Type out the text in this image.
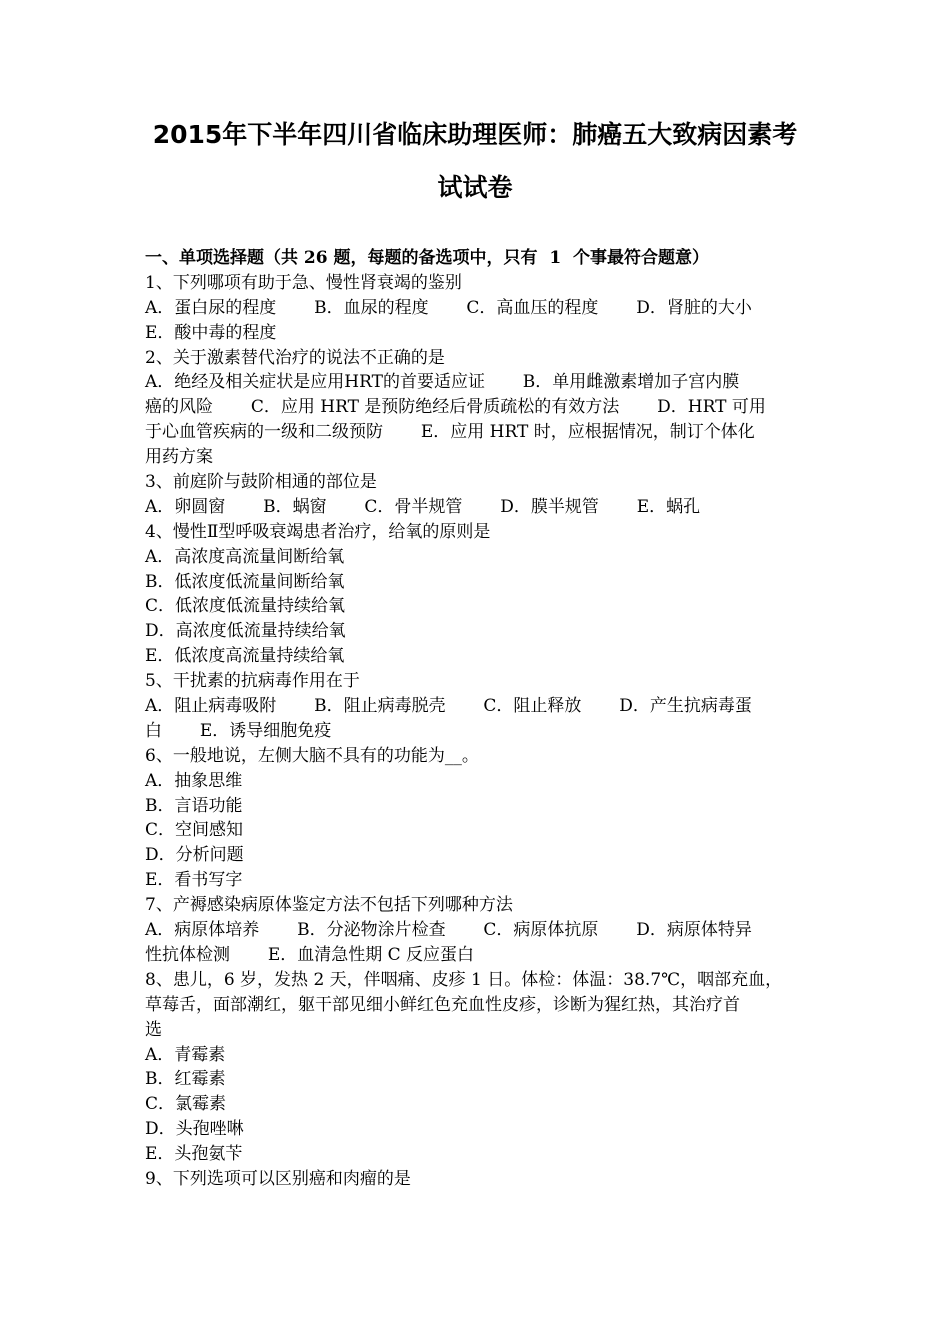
2015年下半年四川省临床助理医师：肺癌五大致病因素考
试试卷
一、单项选择题（共 26 题，每题的备选项中，只有  1  个事最符合题意）
1、下列哪项有助于急、慢性肾衰竭的鉴别
A．蛋白尿的程度       B．血尿的程度       C．高血压的程度       D．肾脏的大小
E．酸中毒的程度
2、关于激素替代治疗的说法不正确的是
A．绝经及相关症状是应用HRT的首要适应证       B．单用雌激素增加子宫内膜
癌的风险       C．应用 HRT 是预防绝经后骨质疏松的有效方法       D．HRT 可用
于心血管疾病的一级和二级预防       E．应用 HRT 时，应根据情况，制订个体化
用药方案
3、前庭阶与鼓阶相通的部位是
A．卵圆窗       B．蜗窗       C．骨半规管       D．膜半规管       E．蜗孔
4、慢性Ⅱ型呼吸衰竭患者治疗，给氧的原则是
A．高浓度高流量间断给氧
B．低浓度低流量间断给氧
C．低浓度低流量持续给氧
D．高浓度低流量持续给氧
E．低浓度高流量持续给氧
5、干扰素的抗病毒作用在于
A．阻止病毒吸附       B．阻止病毒脱壳       C．阻止释放       D．产生抗病毒蛋
白       E．诱导细胞免疫
6、一般地说，左侧大脑不具有的功能为__。
A．抽象思维
B．言语功能
C．空间感知
D．分析问题
E．看书写字
7、产褥感染病原体鉴定方法不包括下列哪种方法
A．病原体培养       B．分泌物涂片检查       C．病原体抗原       D．病原体特异
性抗体检测       E．血清急性期 C 反应蛋白
8、患儿，6 岁，发热 2 天，伴咽痛、皮疹 1 日。体检：体温：38.7℃，咽部充血，
草莓舌，面部潮红，躯干部见细小鲜红色充血性皮疹，诊断为猩红热，其治疗首
选
A．青霉素
B．红霉素
C．氯霉素
D．头孢唑啉
E．头孢氨苄
9、下列选项可以区别癌和肉瘤的是
